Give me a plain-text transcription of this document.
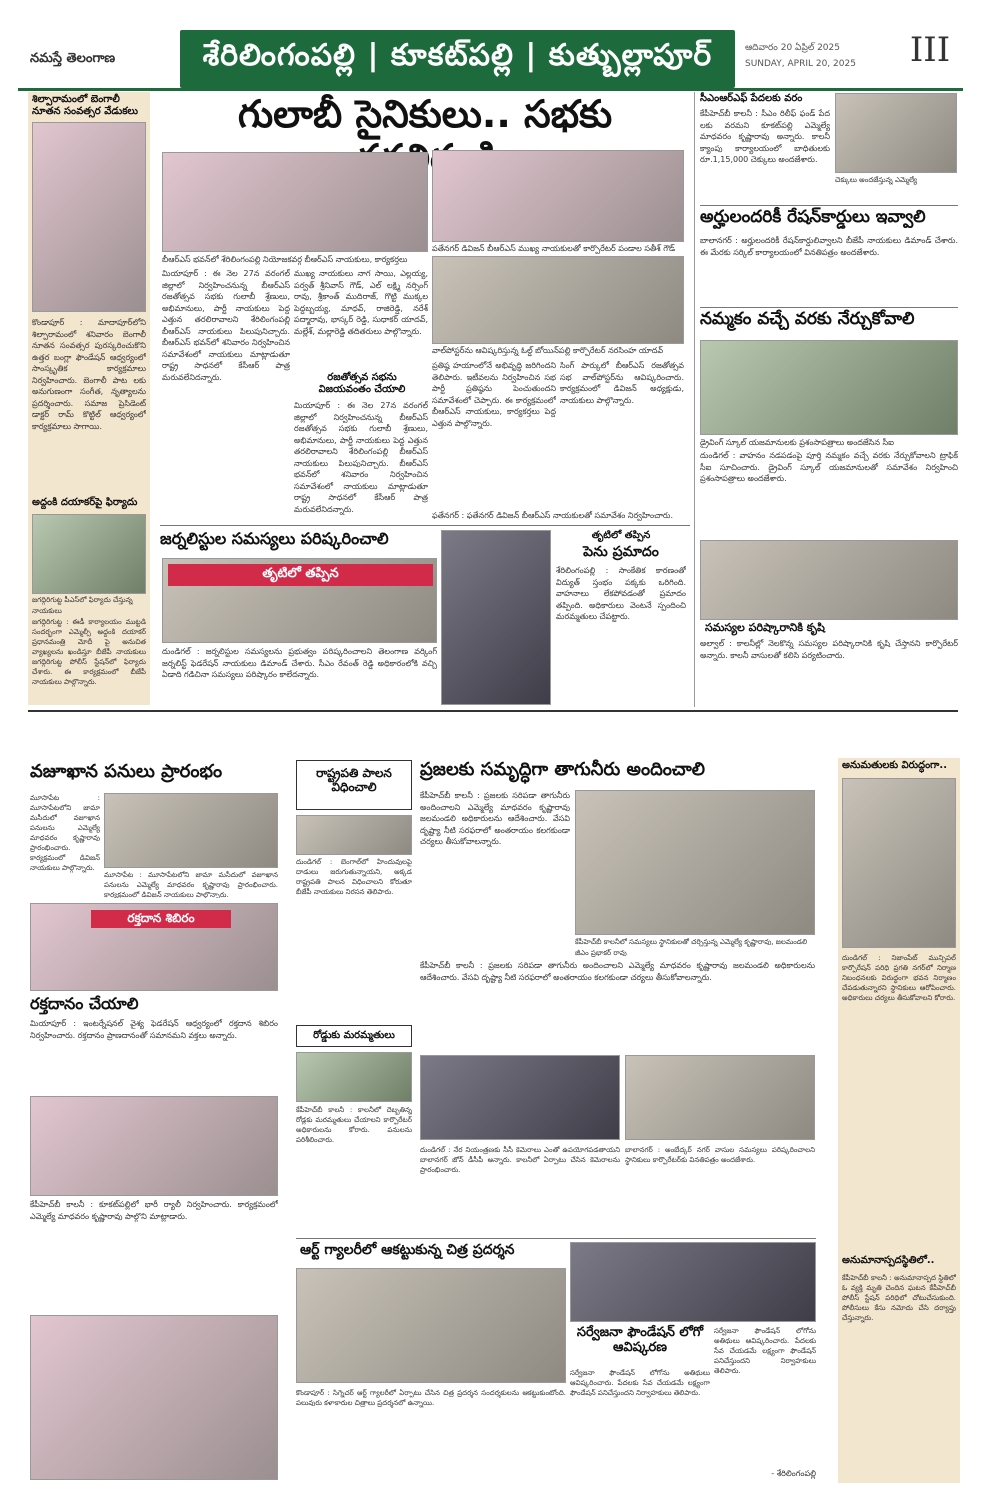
నమస్తే తెలంగాణ	శేరిలింగంపల్లి | కూకట్‌పల్లి | కుత్బుల్లాపూర్	ఆదివారం 20 ఏప్రిల్ 2025
SUNDAY, APRIL 20, 2025	III
శిల్పారామంలో బెంగాలీ నూతన సంవత్సర వేడుకలు
కొండాపూర్ : మాదాపూర్‌లోని శిల్పారామంలో శనివారం బెంగాలీ నూతన సంవత్సర పురస్కరించుకొని ఉత్తర బంగ్లా ఫౌండేషన్ ఆధ్వర్యంలో సాంస్కృతిక కార్యక్రమాలు నిర్వహించారు. బెంగాలీ పాట లకు అనుగుణంగా సంగీత, నృత్యాలను ప్రదర్శించారు. సమాజ ప్రెసిడెంట్ డాక్టర్ రామ్ కొట్టిల్ ఆధ్వర్యంలో కార్యక్రమాలు సాగాయి.
అద్దంకి దయాకర్‌పై ఫిర్యాదు
జగద్గిరిగుట్ట పీఎస్‌లో ఫిర్యాదు చేస్తున్న నాయకులు
జగద్గిరిగుట్ట : ఈడీ కార్యాలయం ముట్టడి సందర్భంగా ఎమ్మెల్సీ అద్దంకి దయాకర్ ప్రధానమంత్రి మోదీ పై అనుచిత వ్యాఖ్యలను ఖండిస్తూ బీజేపీ నాయకులు జగద్గిరిగుట్ట పోలీస్ స్టేషన్‌లో ఫిర్యాదు చేశారు. ఈ కార్యక్రమంలో బీజేపీ నాయకులు పాల్గొన్నారు.
గులాబీ సైనికులు.. సభకు
బీఆర్‌ఎస్ భవన్‌లో శేరిలింగంపల్లి నియోజకవర్గ బీఆర్‌ఎస్ నాయకులు, కార్యకర్తలు
పతేనగర్ డివిజన్ బీఆర్‌ఎస్ ముఖ్య నాయకులతో కార్పొరేటర్ పండాల సతీశ్ గౌడ్
వాల్‌పోస్టర్‌ను ఆవిష్కరిస్తున్న ఓల్డ్ బోయిన్‌పల్లి కార్పొరేటర్ నరసింహ యాదవ్
మియాపూర్ : ఈ నెల 27న వరంగల్ జిల్లాలో నిర్వహించనున్న బీఆర్‌ఎస్ రజతోత్సవ సభకు గులాబీ శ్రేణులు, అభిమానులు, పార్టీ నాయకులు పెద్ద ఎత్తున తరలిరావాలని శేరిలింగంపల్లి బీఆర్‌ఎస్ నాయకులు పిలుపునిచ్చారు. బీఆర్‌ఎస్ భవన్‌లో శనివారం నిర్వహించిన సమావేశంలో నాయకులు మాట్లాడుతూ రాష్ట్ర సాధనలో కేసీఆర్ పాత్ర మరువలేనిదన్నారు.
ముఖ్య నాయకులు నాగ సాయి, ఎల్లయ్య, పర్వత్ శ్రీనివాస్ గౌడ్, ఎల్ లక్ష్మి నర్సింగ్ రావు, శ్రీకాంత్ ముదిరాజ్, గొట్టి ముక్కల పెద్దబ్బయ్య, మాధవ్, రాజిరెడ్డి, నరేశ్ పద్మారావు, భాస్కర్ రెడ్డి, సుధాకర్ యాదవ్, మల్లేశ్, మల్లారెడ్డి తదితరులు పాల్గొన్నారు.
రజతోత్సవ సభను విజయవంతం చేయాలి
మియాపూర్ : ఈ నెల 27న వరంగల్ జిల్లాలో నిర్వహించనున్న బీఆర్‌ఎస్ రజతోత్సవ సభకు గులాబీ శ్రేణులు, అభిమానులు, పార్టీ నాయకులు పెద్ద ఎత్తున తరలిరావాలని శేరిలింగంపల్లి బీఆర్‌ఎస్ నాయకులు పిలుపునిచ్చారు. బీఆర్‌ఎస్ భవన్‌లో శనివారం నిర్వహించిన సమావేశంలో నాయకులు మాట్లాడుతూ రాష్ట్ర సాధనలో కేసీఆర్ పాత్ర మరువలేనిదన్నారు.
ప్రతిష్ఠ హయాంలోనే అభివృద్ధి జరిగిందని తెలిపారు. ఇటీవలను నిర్వహించిన సభ పార్టీ ప్రతిష్ఠను పెంచుతుందని సమావేశంలో చెప్పారు. ఈ కార్యక్రమంలో బీఆర్‌ఎస్ నాయకులు, కార్యకర్తలు పెద్ద ఎత్తున పాల్గొన్నారు.
సింగ్ పార్కులో బీఆర్‌ఎస్ రజతోత్సవ సభ వాల్‌పోస్టర్‌ను ఆవిష్కరించారు. కార్యక్రమంలో డివిజన్ అధ్యక్షుడు, నాయకులు పాల్గొన్నారు.
ఫతేనగర్ : ఫతేనగర్ డివిజన్ బీఆర్‌ఎస్ నాయకులతో సమావేశం నిర్వహించారు.
సీఎంఆర్‌ఎఫ్ పేదలకు వరం
కేపీహెచ్‌బీ కాలనీ : సీఎం రిలీఫ్ ఫండ్ పేద లకు వరమని కూకట్‌పల్లి ఎమ్మెల్యే మాధవరం కృష్ణారావు అన్నారు. కాలనీ క్యాంపు కార్యాలయంలో బాధితులకు రూ.1,15,000 చెక్కులు అందజేశారు.
చెక్కులు అందజేస్తున్న ఎమ్మెల్యే
అర్హులందరికీ రేషన్‌కార్డులు ఇవ్వాలి
బాలానగర్ : అర్హులందరికీ రేషన్‌కార్డులివ్వాలని బీజేపీ నాయకులు డిమాండ్ చేశారు. ఈ మేరకు సర్కిల్ కార్యాలయంలో వినతిపత్రం అందజేశారు.
నమ్మకం వచ్చే వరకు నేర్చుకోవాలి
డ్రైవింగ్ స్కూల్ యజమానులకు ప్రశంసాపత్రాలు అందజేసిన సీఐ
దుండిగల్ : వాహనం నడపడంపై పూర్తి నమ్మకం వచ్చే వరకు నేర్చుకోవాలని ట్రాఫిక్ సీఐ సూచించారు. డ్రైవింగ్ స్కూల్ యజమానులతో సమావేశం నిర్వహించి ప్రశంసాపత్రాలు అందజేశారు.
సమస్యల పరిష్కారానికి కృషి
అల్వాల్ : కాలనీల్లో నెలకొన్న సమస్యల పరిష్కారానికి కృషి చేస్తానని కార్పొరేటర్ అన్నారు. కాలనీ వాసులతో కలిసి పర్యటించారు.
జర్నలిస్టుల సమస్యలు పరిష్కరించాలి
తృటిలో తప్పిన
దుండిగల్ : జర్నలిస్టుల సమస్యలను ప్రభుత్వం పరిష్కరించాలని తెలంగాణ వర్కింగ్ జర్నలిస్ట్ ఫెడరేషన్ నాయకులు డిమాండ్ చేశారు. సీఎం రేవంత్ రెడ్డి అధికారంలోకి వచ్చి ఏడాది గడిచినా సమస్యలు పరిష్కారం కాలేదన్నారు.
తృటిలో తప్పిన
పెను ప్రమాదం
శేరిలింగంపల్లి : సాంకేతిక కారణంతో విద్యుత్ స్తంభం పక్కకు ఒరిగింది. వాహనాలు లేకపోవడంతో ప్రమాదం తప్పింది. అధికారులు వెంటనే స్పందించి మరమ్మతులు చేపట్టారు.
వజూఖాన పనులు ప్రారంభం
మూసాపేట : మూసాపేటలోని జామా మసీదులో వజూఖాన పనులను ఎమ్మెల్యే మాధవరం కృష్ణారావు ప్రారంభించారు. కార్యక్రమంలో డివిజన్ నాయకులు పాల్గొన్నారు.
మూసాపేట : మూసాపేటలోని జామా మసీదులో వజూఖాన పనులను ఎమ్మెల్యే మాధవరం కృష్ణారావు ప్రారంభించారు. కార్యక్రమంలో డివిజన్ నాయకులు పాల్గొన్నారు.
రక్తదాన శిబిరం
రక్తదానం చేయాలి
మియాపూర్ : ఇంటర్నేషనల్ వైశ్య ఫెడరేషన్ ఆధ్వర్యంలో రక్తదాన శిబిరం నిర్వహించారు. రక్తదానం ప్రాణదానంతో సమానమని వక్తలు అన్నారు.
కేపీహెచ్‌బీ కాలనీ : కూకట్‌పల్లిలో భారీ ర్యాలీ నిర్వహించారు. కార్యక్రమంలో ఎమ్మెల్యే మాధవరం కృష్ణారావు పాల్గొని మాట్లాడారు.
రాష్ట్రపతి పాలన విధించాలి
దుండిగల్ : బెంగాల్‌లో హిందువులపై దాడులు జరుగుతున్నాయని, అక్కడ రాష్ట్రపతి పాలన విధించాలని కోరుతూ బీజేపీ నాయకులు నిరసన తెలిపారు.
రోడ్డుకు మరమ్మతులు
కేపీహెచ్‌బీ కాలనీ : కాలనీలో దెబ్బతిన్న రోడ్లకు మరమ్మతులు చేయాలని కార్పొరేటర్ అధికారులను కోరారు. పనులను పరిశీలించారు.
ప్రజలకు సమృద్ధిగా తాగునీరు అందించాలి
కేపీహెచ్‌బీ కాలనీ : ప్రజలకు సరిపడా తాగునీరు అందించాలని ఎమ్మెల్యే మాధవరం కృష్ణారావు జలమండలి అధికారులను ఆదేశించారు. వేసవి దృష్ట్యా నీటి సరఫరాలో అంతరాయం కలగకుండా చర్యలు తీసుకోవాలన్నారు.
కేపీహెచ్‌బీ కాలనీలో సమస్యలు స్థానికులతో చర్చిస్తున్న ఎమ్మెల్యే కృష్ణారావు, జలమండలి జీఎం ప్రభాకర్ రావు
కేపీహెచ్‌బీ కాలనీ : ప్రజలకు సరిపడా తాగునీరు అందించాలని ఎమ్మెల్యే మాధవరం కృష్ణారావు జలమండలి అధికారులను ఆదేశించారు. వేసవి దృష్ట్యా నీటి సరఫరాలో అంతరాయం కలగకుండా చర్యలు తీసుకోవాలన్నారు.
దుండిగల్ : నేర నియంత్రణకు సీసీ కెమెరాలు ఎంతో ఉపయోగపడతాయని బాలానగర్ జోన్ డీసీపీ అన్నారు. కాలనీలో ఏర్పాటు చేసిన కెమెరాలను ప్రారంభించారు.
బాలానగర్ : అంబేద్కర్ నగర్ వాసుల సమస్యలు పరిష్కరించాలని స్థానికులు కార్పొరేటర్‌కు వినతిపత్రం అందజేశారు.
ఆర్ట్ గ్యాలరీలో ఆకట్టుకున్న చిత్ర ప్రదర్శన
కొండాపూర్ : సిగ్నెచర్ ఆర్ట్ గ్యాలరీలో ఏర్పాటు చేసిన చిత్ర ప్రదర్శన సందర్శకులను ఆకట్టుకుంటోంది. పలువురు కళాకారుల చిత్రాలు ప్రదర్శనలో ఉన్నాయి.
సర్వేజనా ఫౌండేషన్ లోగో ఆవిష్కరణ
సర్వేజనా ఫౌండేషన్ లోగోను అతిథులు ఆవిష్కరించారు. పేదలకు సేవ చేయడమే లక్ష్యంగా ఫౌండేషన్ పనిచేస్తుందని నిర్వాహకులు తెలిపారు.
సర్వేజనా ఫౌండేషన్ లోగోను అతిథులు ఆవిష్కరించారు. పేదలకు సేవ చేయడమే లక్ష్యంగా ఫౌండేషన్ పనిచేస్తుందని నిర్వాహకులు తెలిపారు.
- శేరిలింగంపల్లి
అనుమతులకు విరుద్ధంగా..
దుండిగల్ : నిజాంపేట్ మున్సిపల్ కార్పొరేషన్ పరిధి ప్రగతి నగర్‌లో నిర్మాణ నిబంధనలకు విరుద్ధంగా భవన నిర్మాణం చేపడుతున్నారని స్థానికులు ఆరోపించారు. అధికారులు చర్యలు తీసుకోవాలని కోరారు.
అనుమానాస్పదస్థితిలో..
కేపీహెచ్‌బీ కాలనీ : అనుమానాస్పద స్థితిలో ఓ వ్యక్తి మృతి చెందిన ఘటన కేపీహెచ్‌బీ పోలీస్ స్టేషన్ పరిధిలో చోటుచేసుకుంది. పోలీసులు కేసు నమోదు చేసి దర్యాప్తు చేస్తున్నారు.
